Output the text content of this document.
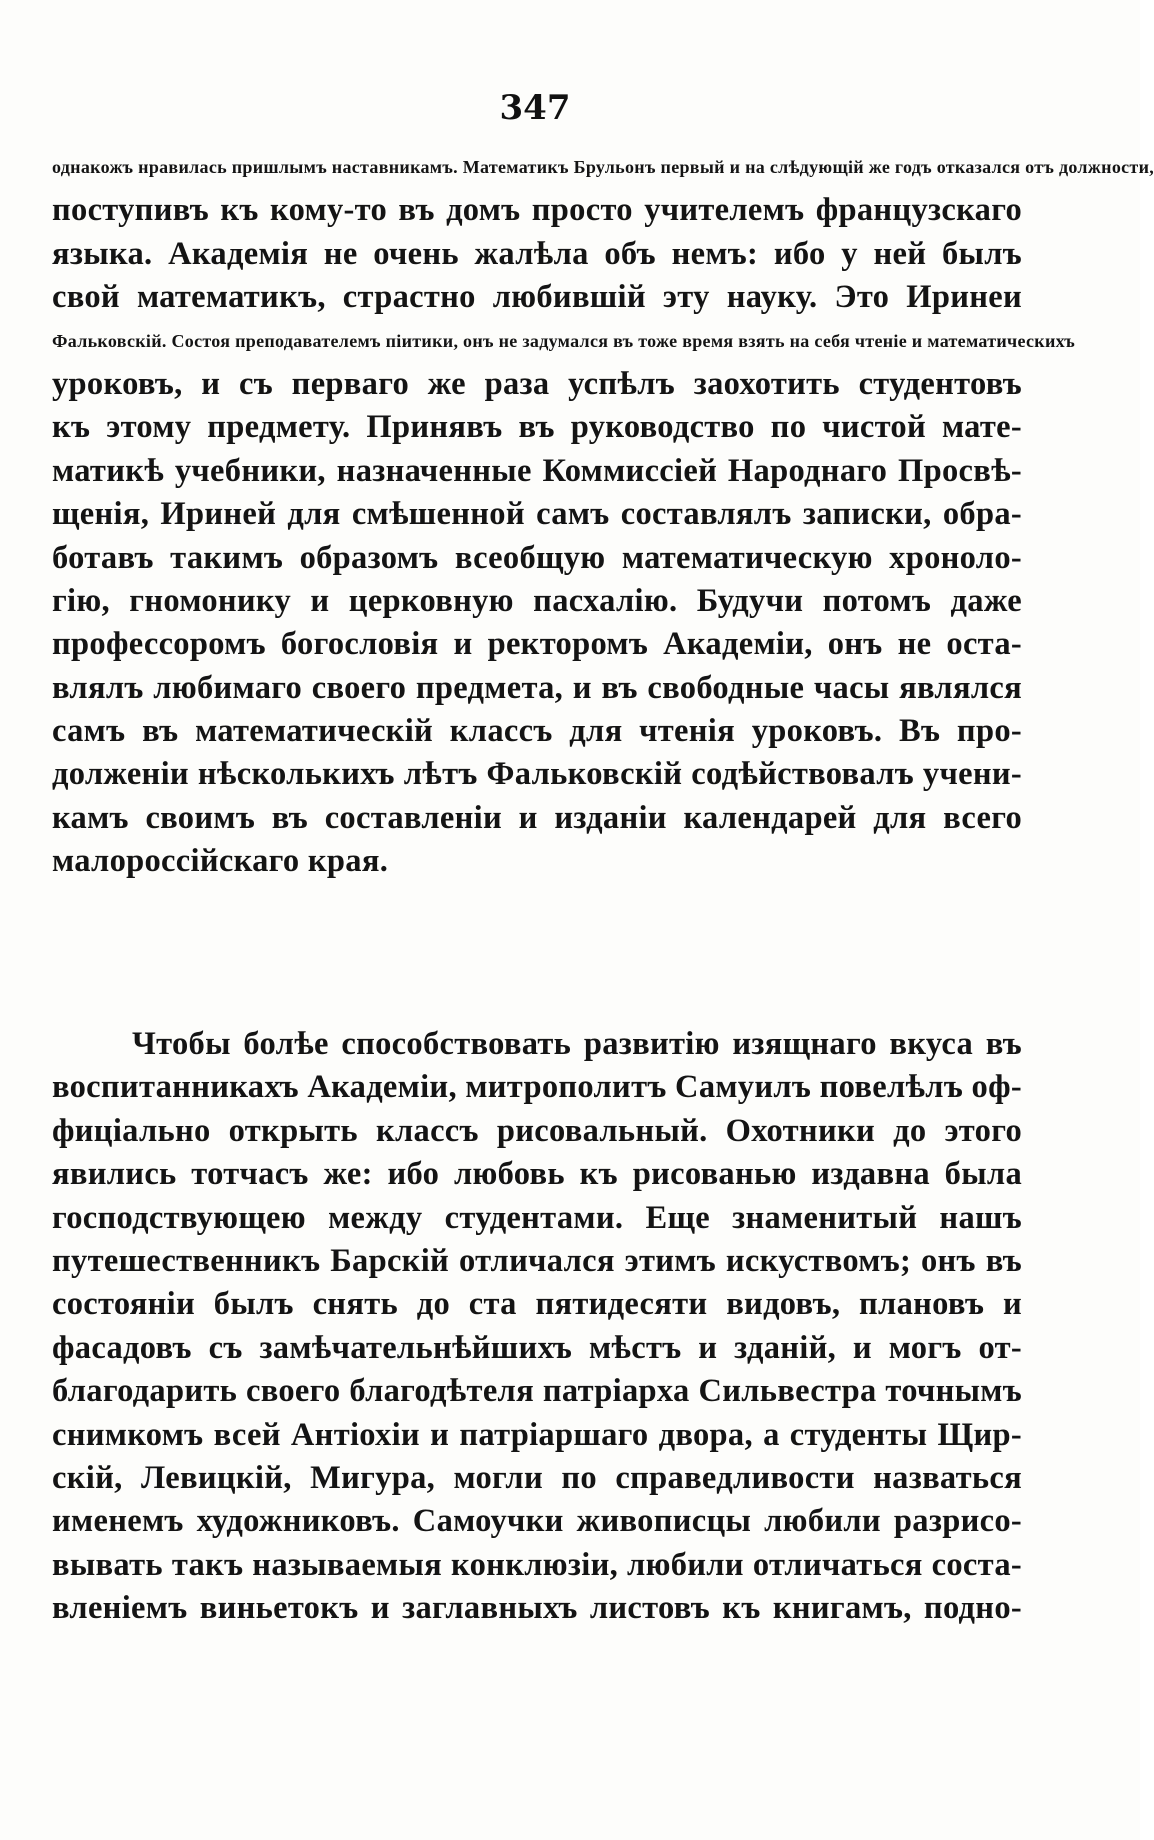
347
однакожъ нравилась пришлымъ наставникамъ. Математикъ Брульонъ первый и на слѣдующій же годъ отказался отъ должности,
поступивъ къ кому-то въ домъ просто учителемъ французскаго
языка. Академія не очень жалѣла объ немъ: ибо у ней былъ
свой математикъ, страстно любившій эту науку. Это Иринеи
Фальковскій. Состоя преподавателемъ піитики, онъ не задумался въ тоже время взять на себя чтеніе и математическихъ
уроковъ, и съ перваго же раза успѣлъ заохотить студентовъ
къ этому предмету. Принявъ въ руководство по чистой мате-
матикѣ учебники, назначенные Коммиссіей Народнаго Просвѣ-
щенія, Ириней для смѣшенной самъ составлялъ записки, обра-
ботавъ такимъ образомъ всеобщую математическую хроноло-
гію, гномонику и церковную пасхалію. Будучи потомъ даже
профессоромъ богословія и ректоромъ Академіи, онъ не оста-
влялъ любимаго своего предмета, и въ свободные часы являлся
самъ въ математическій классъ для чтенія уроковъ. Въ про-
долженіи нѣсколькихъ лѣтъ Фальковскій содѣйствовалъ учени-
камъ своимъ въ составленіи и изданіи календарей для всего
малороссійскаго края.
Чтобы болѣе способствовать развитію изящнаго вкуса въ
воспитанникахъ Академіи, митрополитъ Самуилъ повелѣлъ оф-
фиціально открыть классъ рисовальный. Охотники до этого
явились тотчасъ же: ибо любовь къ рисованью издавна была
господствующею между студентами. Еще знаменитый нашъ
путешественникъ Барскій отличался этимъ искуствомъ; онъ въ
состояніи былъ снять до ста пятидесяти видовъ, плановъ и
фасадовъ съ замѣчательнѣйшихъ мѣстъ и зданій, и могъ от-
благодарить своего благодѣтеля патріарха Сильвестра точнымъ
снимкомъ всей Антіохіи и патріаршаго двора, а студенты Щир-
скій, Левицкій, Мигура, могли по справедливости назваться
именемъ художниковъ. Самоучки живописцы любили разрисо-
вывать такъ называемыя конклюзіи, любили отличаться соста-
вленіемъ виньетокъ и заглавныхъ листовъ къ книгамъ, подно-
